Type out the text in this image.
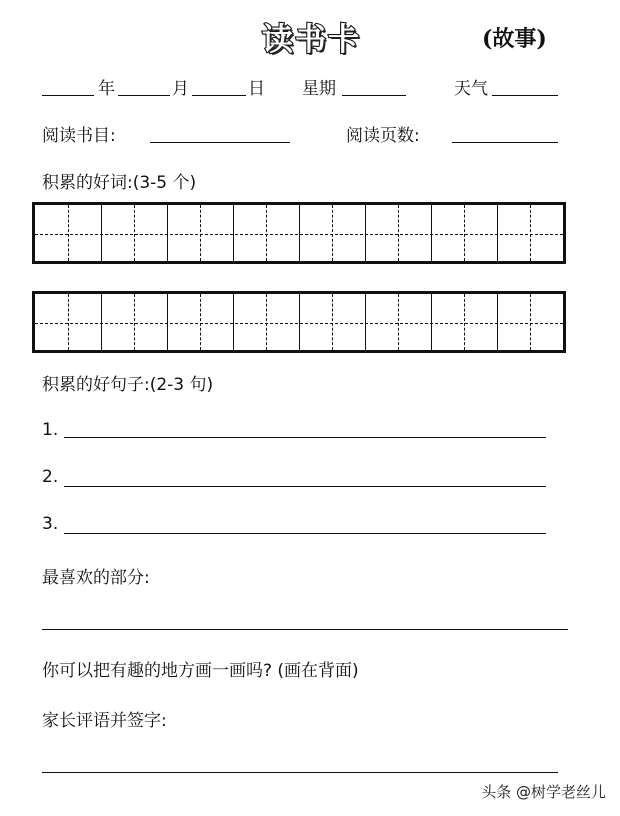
读书卡	(故事)
年	月	日 星期	天气
阅读书目:	阅读页数:
积累的好词:(3-5 个)
积累的好句子:(2-3 句)
1.
2.
3.
最喜欢的部分:
你可以把有趣的地方画一画吗? (画在背面)
家长评语并签字:
头条 @树学老丝儿
